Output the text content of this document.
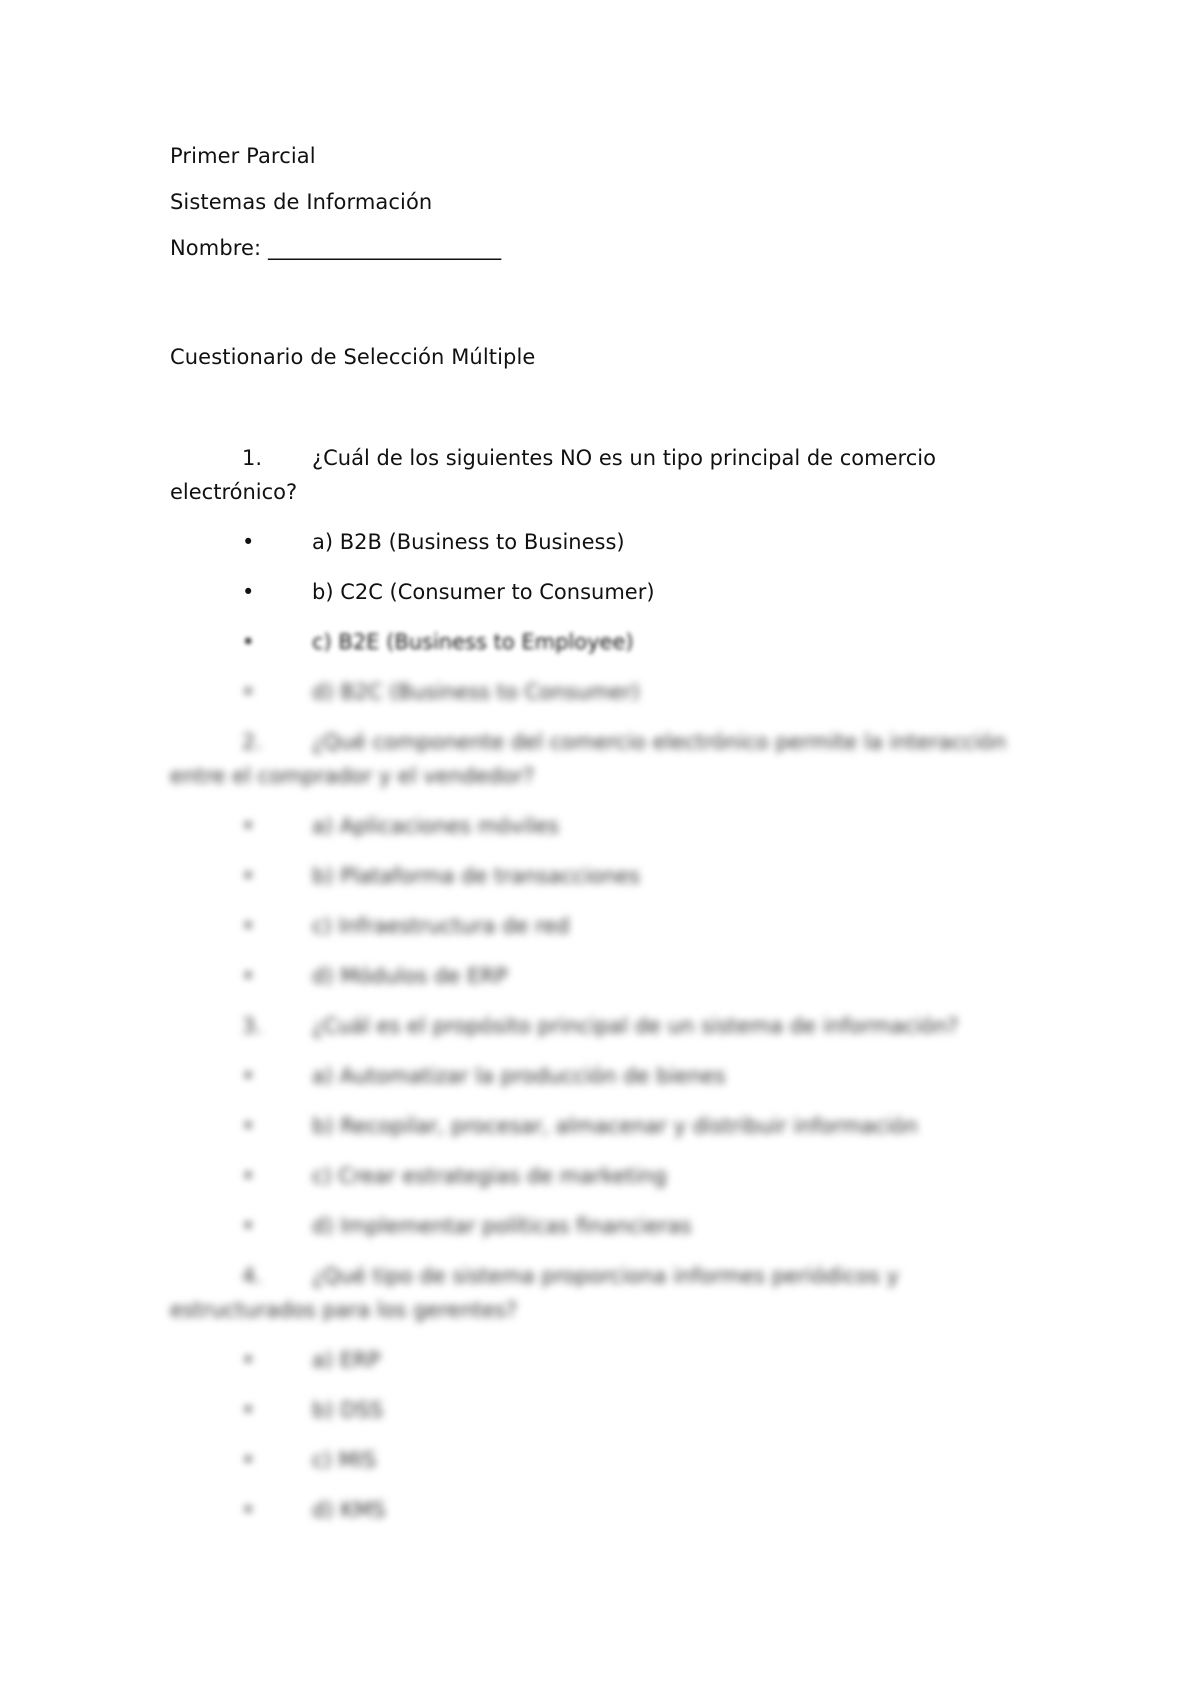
Primer Parcial
Sistemas de Información
Nombre: ______________________
Cuestionario de Selección Múltiple
1. ¿Cuál de los siguientes NO es un tipo principal de comercio
electrónico?
•	a) B2B (Business to Business)
•	b) C2C (Consumer to Consumer)
•	c) B2E (Business to Employee)
•	d) B2C (Business to Consumer)
2. ¿Qué componente del comercio electrónico permite la interacción
entre el comprador y el vendedor?
•	a) Aplicaciones móviles
•	b) Plataforma de transacciones
•	c) Infraestructura de red
•	d) Módulos de ERP
3. ¿Cuál es el propósito principal de un sistema de información?
•	a) Automatizar la producción de bienes
•	b) Recopilar, procesar, almacenar y distribuir información
•	c) Crear estrategias de marketing
•	d) Implementar políticas financieras
4. ¿Qué tipo de sistema proporciona informes periódicos y
estructurados para los gerentes?
•	a) ERP
•	b) DSS
•	c) MIS
•	d) KMS
